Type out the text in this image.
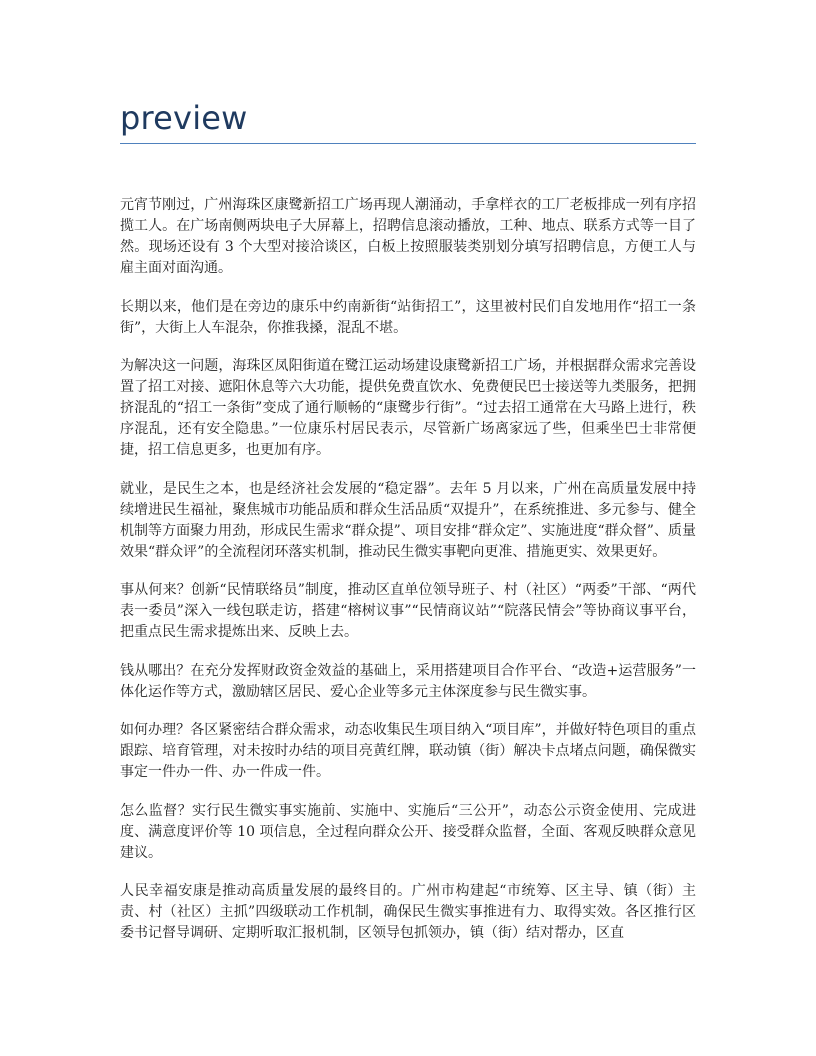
preview

元宵节刚过，广州海珠区康鹭新招工广场再现人潮涌动，手拿样衣的工厂老板排成一列有序招揽工人。在广场南侧两块电子大屏幕上，招聘信息滚动播放，工种、地点、联系方式等一目了然。现场还设有 3 个大型对接洽谈区，白板上按照服装类别划分填写招聘信息，方便工人与雇主面对面沟通。

长期以来，他们是在旁边的康乐中约南新街“站街招工”，这里被村民们自发地用作“招工一条街”，大街上人车混杂，你推我搡，混乱不堪。

为解决这一问题，海珠区凤阳街道在鹭江运动场建设康鹭新招工广场，并根据群众需求完善设置了招工对接、遮阳休息等六大功能，提供免费直饮水、免费便民巴士接送等九类服务，把拥挤混乱的“招工一条街”变成了通行顺畅的“康鹭步行街”。“过去招工通常在大马路上进行，秩序混乱，还有安全隐患。”一位康乐村居民表示，尽管新广场离家远了些，但乘坐巴士非常便捷，招工信息更多，也更加有序。

就业，是民生之本，也是经济社会发展的“稳定器”。去年 5 月以来，广州在高质量发展中持续增进民生福祉，聚焦城市功能品质和群众生活品质“双提升”，在系统推进、多元参与、健全机制等方面聚力用劲，形成民生需求“群众提”、项目安排“群众定”、实施进度“群众督”、质量效果“群众评”的全流程闭环落实机制，推动民生微实事靶向更准、措施更实、效果更好。

事从何来？创新“民情联络员”制度，推动区直单位领导班子、村（社区）“两委”干部、“两代表一委员”深入一线包联走访，搭建“榕树议事”“民情商议站”“院落民情会”等协商议事平台，把重点民生需求提炼出来、反映上去。

钱从哪出？在充分发挥财政资金效益的基础上，采用搭建项目合作平台、“改造+运营服务”一体化运作等方式，激励辖区居民、爱心企业等多元主体深度参与民生微实事。

如何办理？各区紧密结合群众需求，动态收集民生项目纳入“项目库”，并做好特色项目的重点跟踪、培育管理，对未按时办结的项目亮黄红牌，联动镇（街）解决卡点堵点问题，确保微实事定一件办一件、办一件成一件。

怎么监督？实行民生微实事实施前、实施中、实施后“三公开”，动态公示资金使用、完成进度、满意度评价等 10 项信息，全过程向群众公开、接受群众监督，全面、客观反映群众意见建议。

人民幸福安康是推动高质量发展的最终目的。广州市构建起“市统筹、区主导、镇（街）主责、村（社区）主抓”四级联动工作机制，确保民生微实事推进有力、取得实效。各区推行区委书记督导调研、定期听取汇报机制，区领导包抓领办，镇（街）结对帮办，区直
